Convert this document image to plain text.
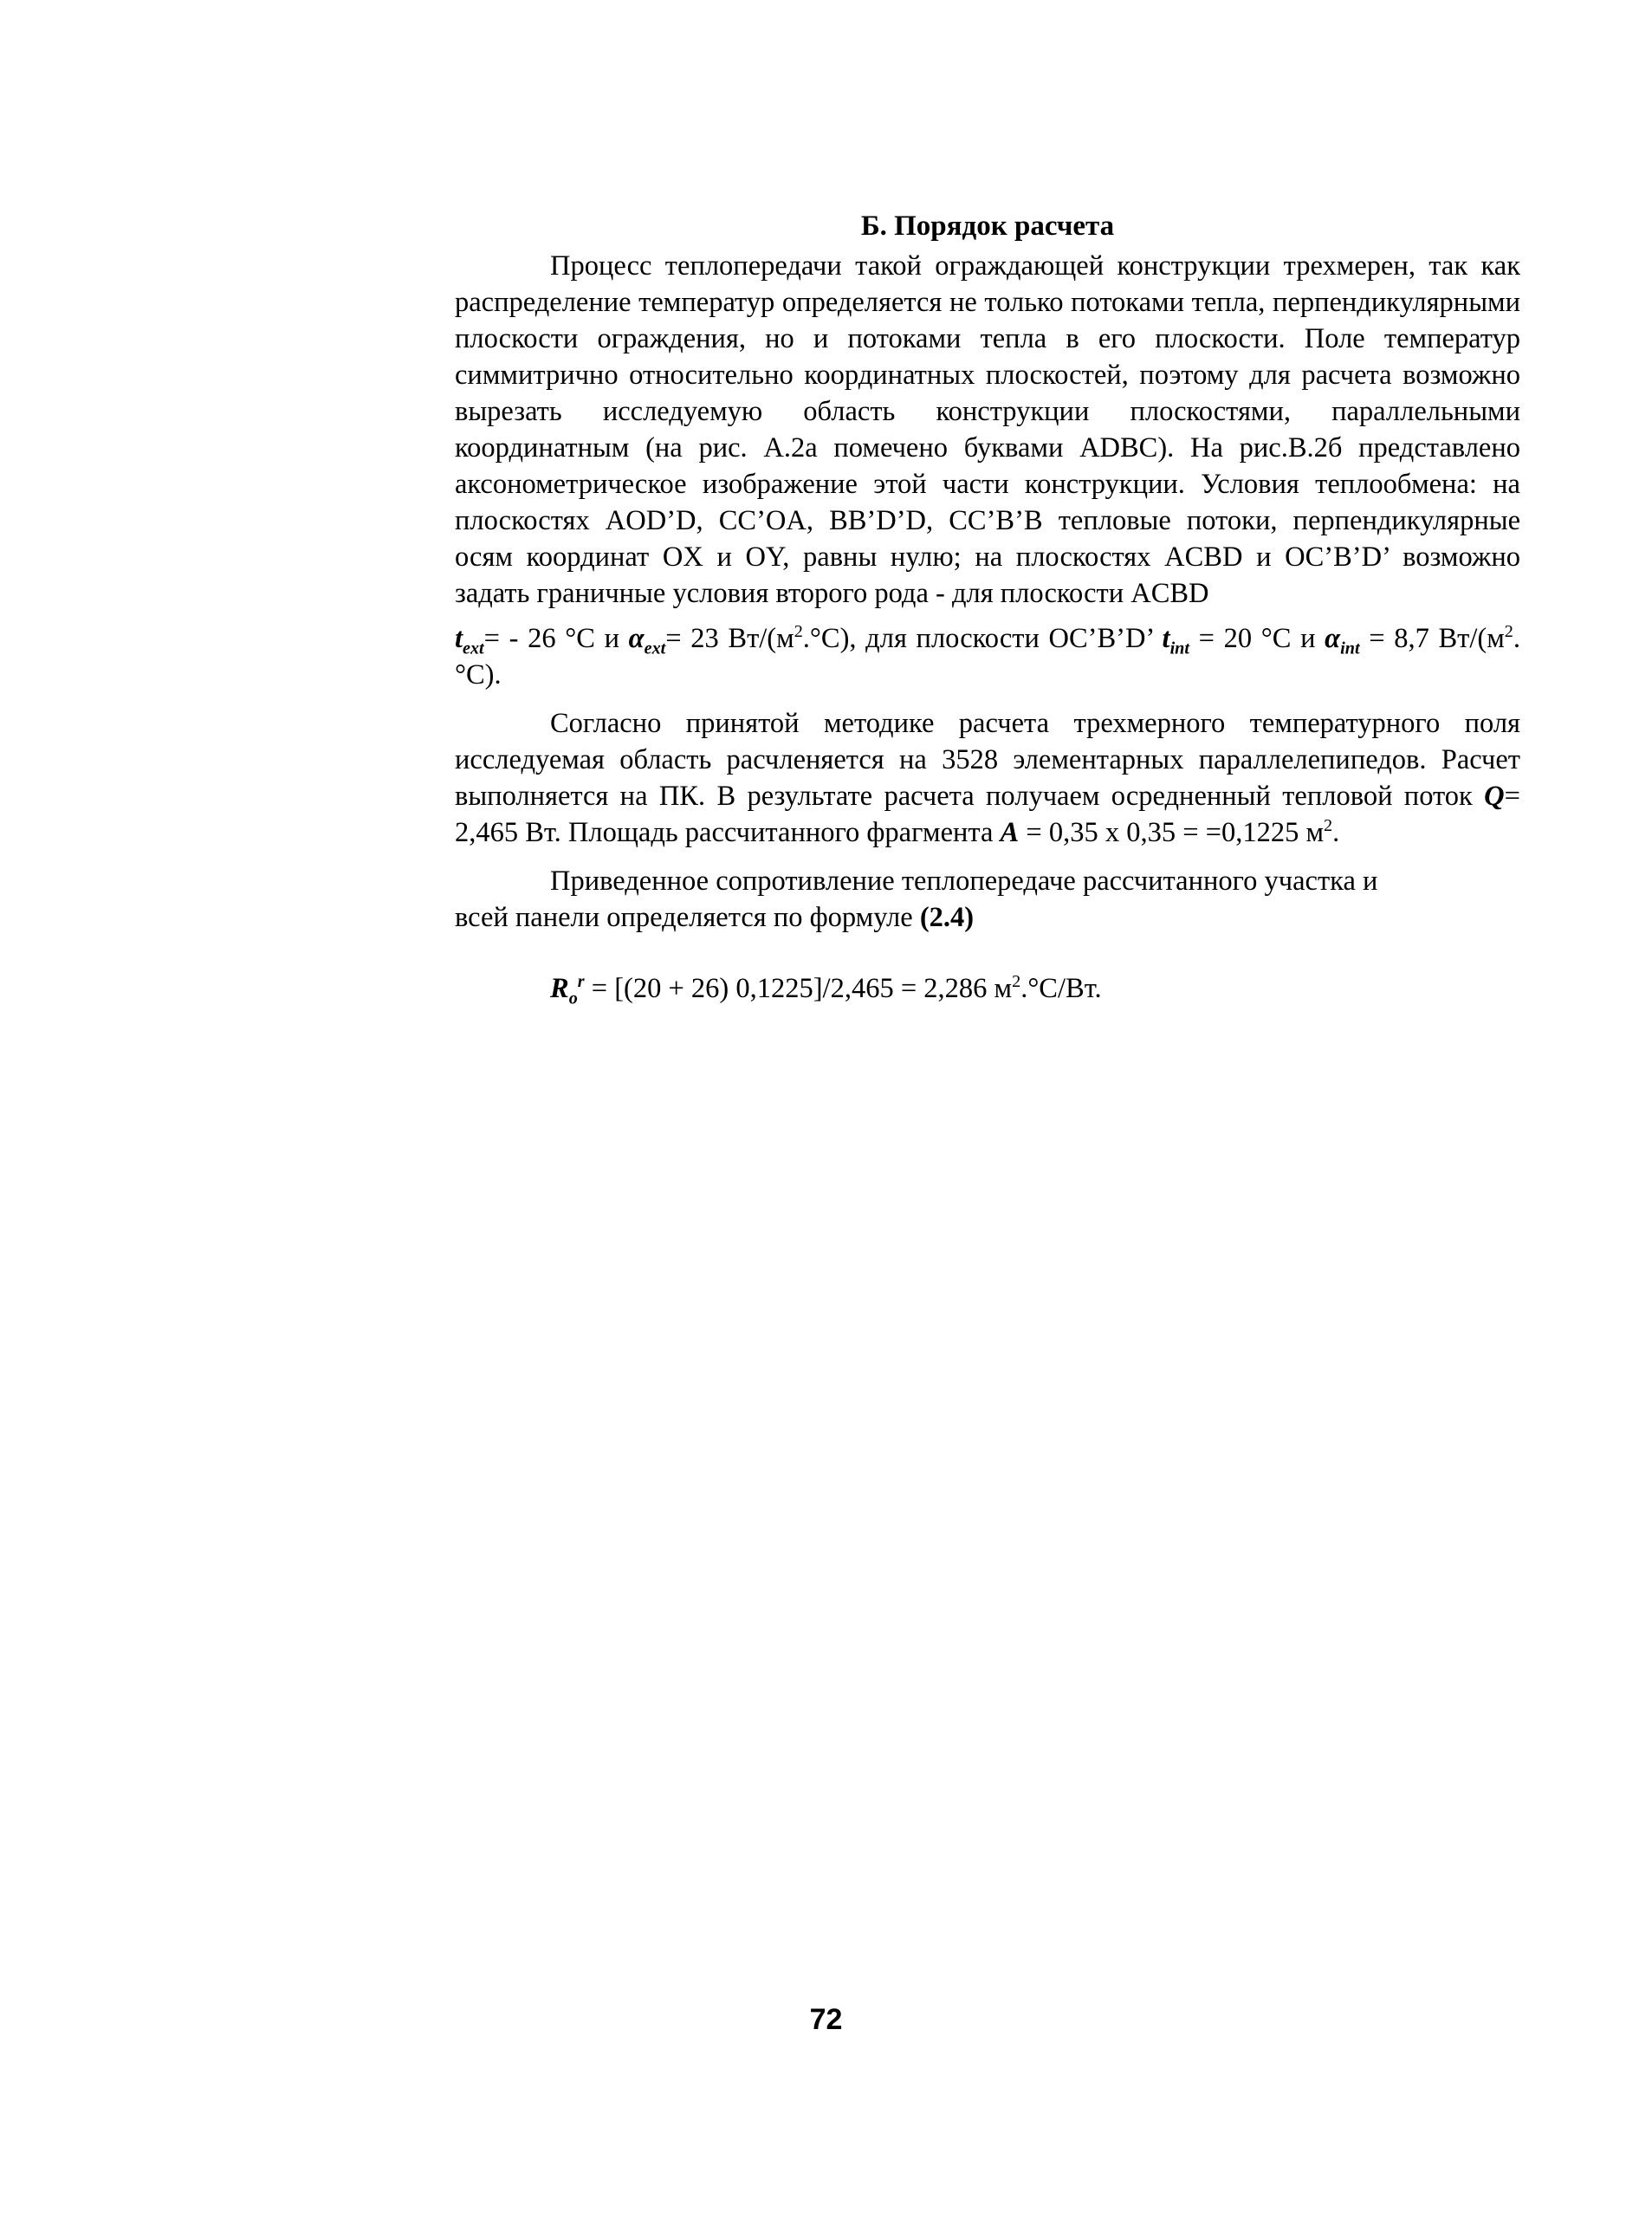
Б. Порядок расчета

Процесс теплопередачи такой ограждающей конструкции трехмерен, так как распределение температур определяется не только потоками тепла, перпендикулярными плоскости ограждения, но и потоками тепла в его плоскости. Поле температур симмитрично относительно координатных плоскостей, поэтому для расчета возможно вырезать исследуемую область конструкции плоскостями, параллельными координатным (на рис. А.2а помечено буквами ADBC). На рис.В.2б представлено аксонометрическое изображение этой части конструкции. Условия теплообмена: на плоскостях AOD’D, CC’OA, BB’D’D, CC’B’B тепловые потоки, перпендикулярные осям координат OX и OY, равны нулю; на плоскостях ACBD и OC’B’D’ возможно задать граничные условия второго рода - для плоскости ACBD

$t_{ext}= - 26$ °C и $\alpha_{ext}= 23$ $Вт/(м^2.^\circ C)$, для плоскости OC’B’D’ $t_{int} = 20$ °C и $\alpha_{int} = 8,7$ $Вт/(м^2.^\circ C)$.

Согласно принятой методике расчета трехмерного температурного поля исследуемая область расчленяется на 3528 элементарных параллелепипедов. Расчет выполняется на ПК. В результате расчета получаем осредненный тепловой поток Q= 2,465 Вт. Площадь рассчитанного фрагмента A = 0,35 x 0,35 = =0,1225 $м^2$.

Приведенное сопротивление теплопередаче рассчитанного участка и
всей панели определяется по формуле (2.4)

$R_o^r = [(20 + 26) 0,1225]/2,465 = 2,286$ $м^2.^\circ C/Вт$.

72
